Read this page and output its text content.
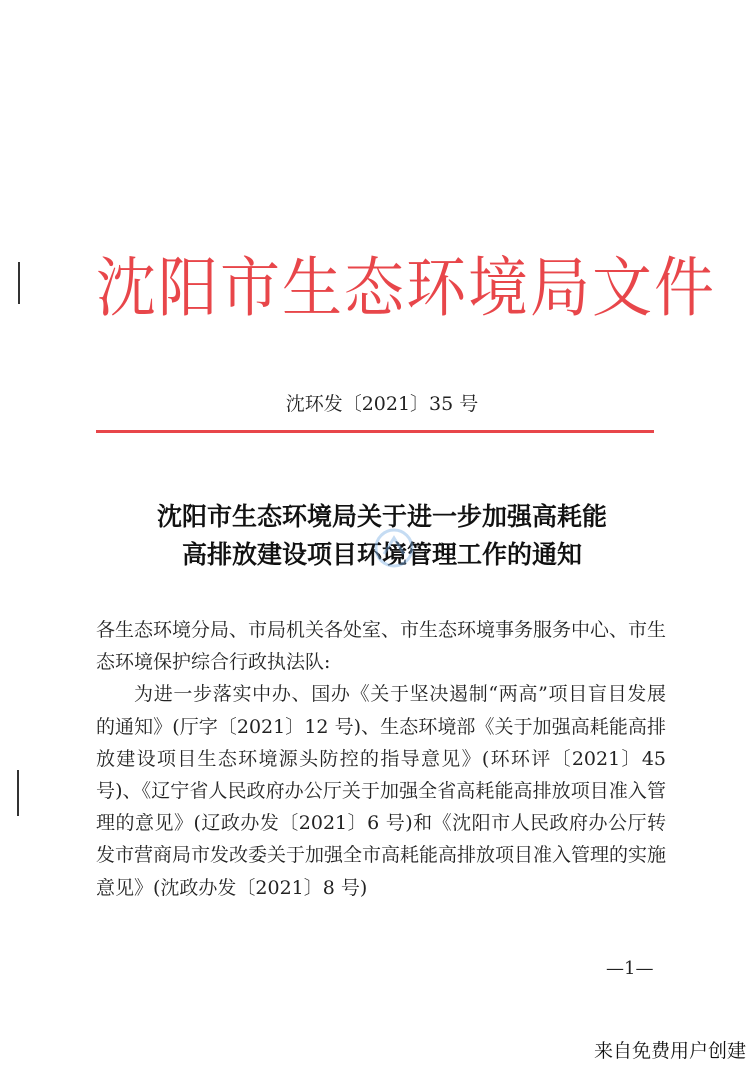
沈阳市生态环境局文件
沈环发〔2021〕35 号
沈阳市生态环境局关于进一步加强高耗能
高排放建设项目环境管理工作的通知

各生态环境分局、市局机关各处室、市生态环境事务服务中心、市生态环境保护综合行政执法队:

为进一步落实中办、国办《关于坚决遏制“两高”项目盲目发展的通知》(厅字〔2021〕12 号)、生态环境部《关于加强高耗能高排放建设项目生态环境源头防控的指导意见》(环环评〔2021〕45 号)、《辽宁省人民政府办公厅关于加强全省高耗能高排放项目准入管理的意见》(辽政办发〔2021〕6 号)和《沈阳市人民政府办公厅转发市营商局市发改委关于加强全市高耗能高排放项目准入管理的实施意见》(沈政办发〔2021〕8 号)

—1—
来自免费用户创建
